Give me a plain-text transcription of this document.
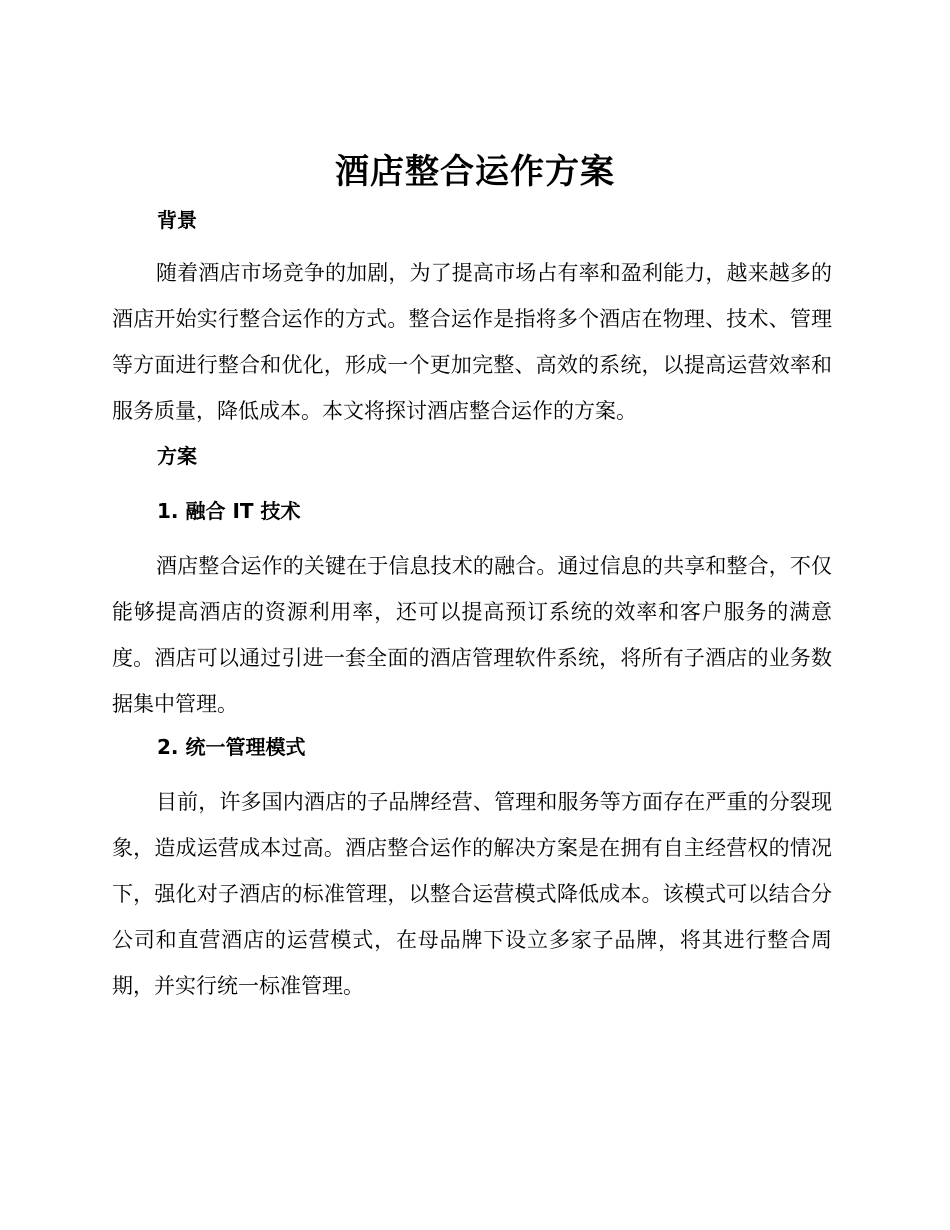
酒店整合运作方案
背景

随着酒店市场竞争的加剧，为了提高市场占有率和盈利能力，越来越多的酒店开始实行整合运作的方式。整合运作是指将多个酒店在物理、技术、管理等方面进行整合和优化，形成一个更加完整、高效的系统，以提高运营效率和服务质量，降低成本。本文将探讨酒店整合运作的方案。

方案
1. 融合 IT 技术

酒店整合运作的关键在于信息技术的融合。通过信息的共享和整合，不仅能够提高酒店的资源利用率，还可以提高预订系统的效率和客户服务的满意度。酒店可以通过引进一套全面的酒店管理软件系统，将所有子酒店的业务数据集中管理。

2. 统一管理模式

目前，许多国内酒店的子品牌经营、管理和服务等方面存在严重的分裂现象，造成运营成本过高。酒店整合运作的解决方案是在拥有自主经营权的情况下，强化对子酒店的标准管理，以整合运营模式降低成本。该模式可以结合分公司和直营酒店的运营模式，在母品牌下设立多家子品牌，将其进行整合周期，并实行统一标准管理。
